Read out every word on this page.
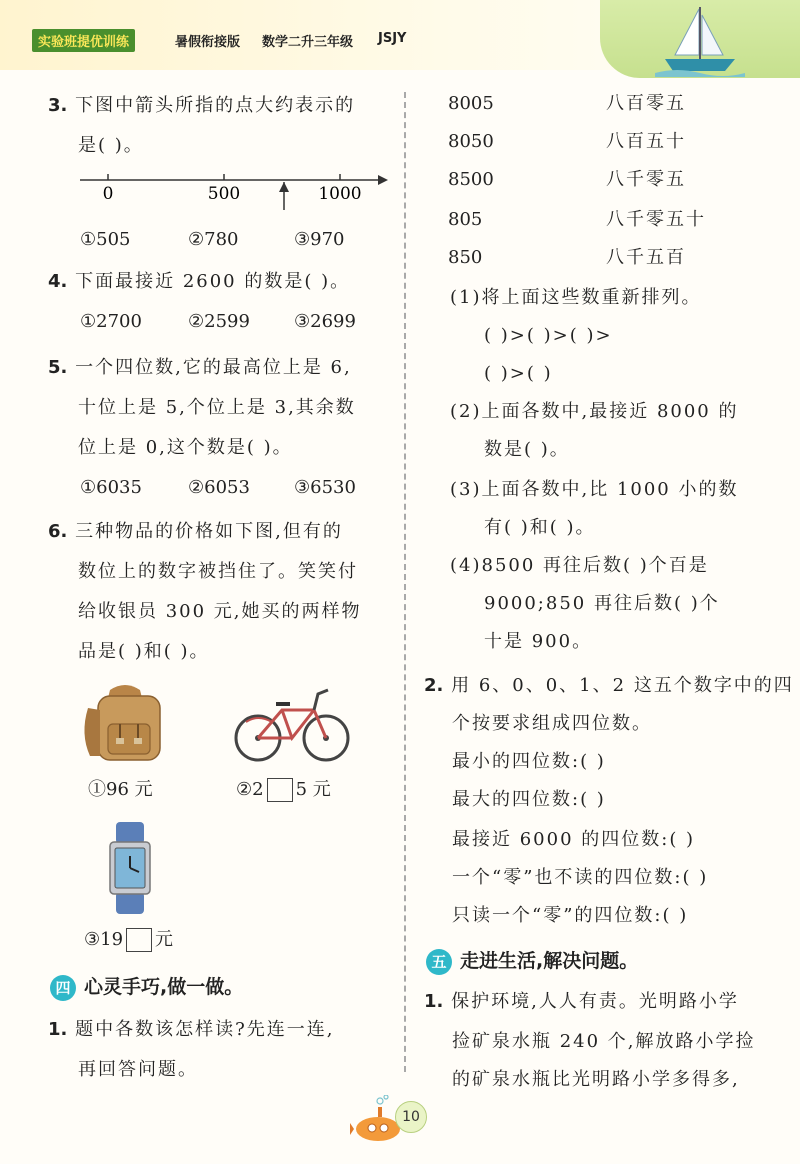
实验班提优训练	暑假衔接版 数学二升三年级 JSJY
3. 下图中箭头所指的点大约表示的
是( )。
0	500	1000
①505	②780	③970
4. 下面最接近 2600 的数是( )。
①2700	②2599 ③2699
5. 一个四位数,它的最高位上是 6,
十位上是 5,个位上是 3,其余数
位上是 0,这个数是( )。
①6035	②6053 ③6530
6. 三种物品的价格如下图,但有的
数位上的数字被挡住了。笑笑付
给收银员 300 元,她买的两样物
品是( )和( )。
①96 元	②2 5 元
③19 元
四 心灵手巧,做一做。
1. 题中各数该怎样读?先连一连,
再回答问题。
8005	八百零五
8050	八百五十
8500	八千零五
805	八千零五十
850	八千五百
(1)将上面这些数重新排列。
( )>( )>( )>
( )>( )
(2)上面各数中,最接近 8000 的
数是( )。
(3)上面各数中,比 1000 小的数
有( )和( )。
(4)8500 再往后数( )个百是
9000;850 再往后数( )个
十是 900。
2. 用 6、0、0、1、2 这五个数字中的四
个按要求组成四位数。
最小的四位数:( )
最大的四位数:( )
最接近 6000 的四位数:( )
一个“零”也不读的四位数:( )
只读一个“零”的四位数:( )
五 走进生活,解决问题。
1. 保护环境,人人有责。光明路小学
捡矿泉水瓶 240 个,解放路小学捡
的矿泉水瓶比光明路小学多得多,
10
